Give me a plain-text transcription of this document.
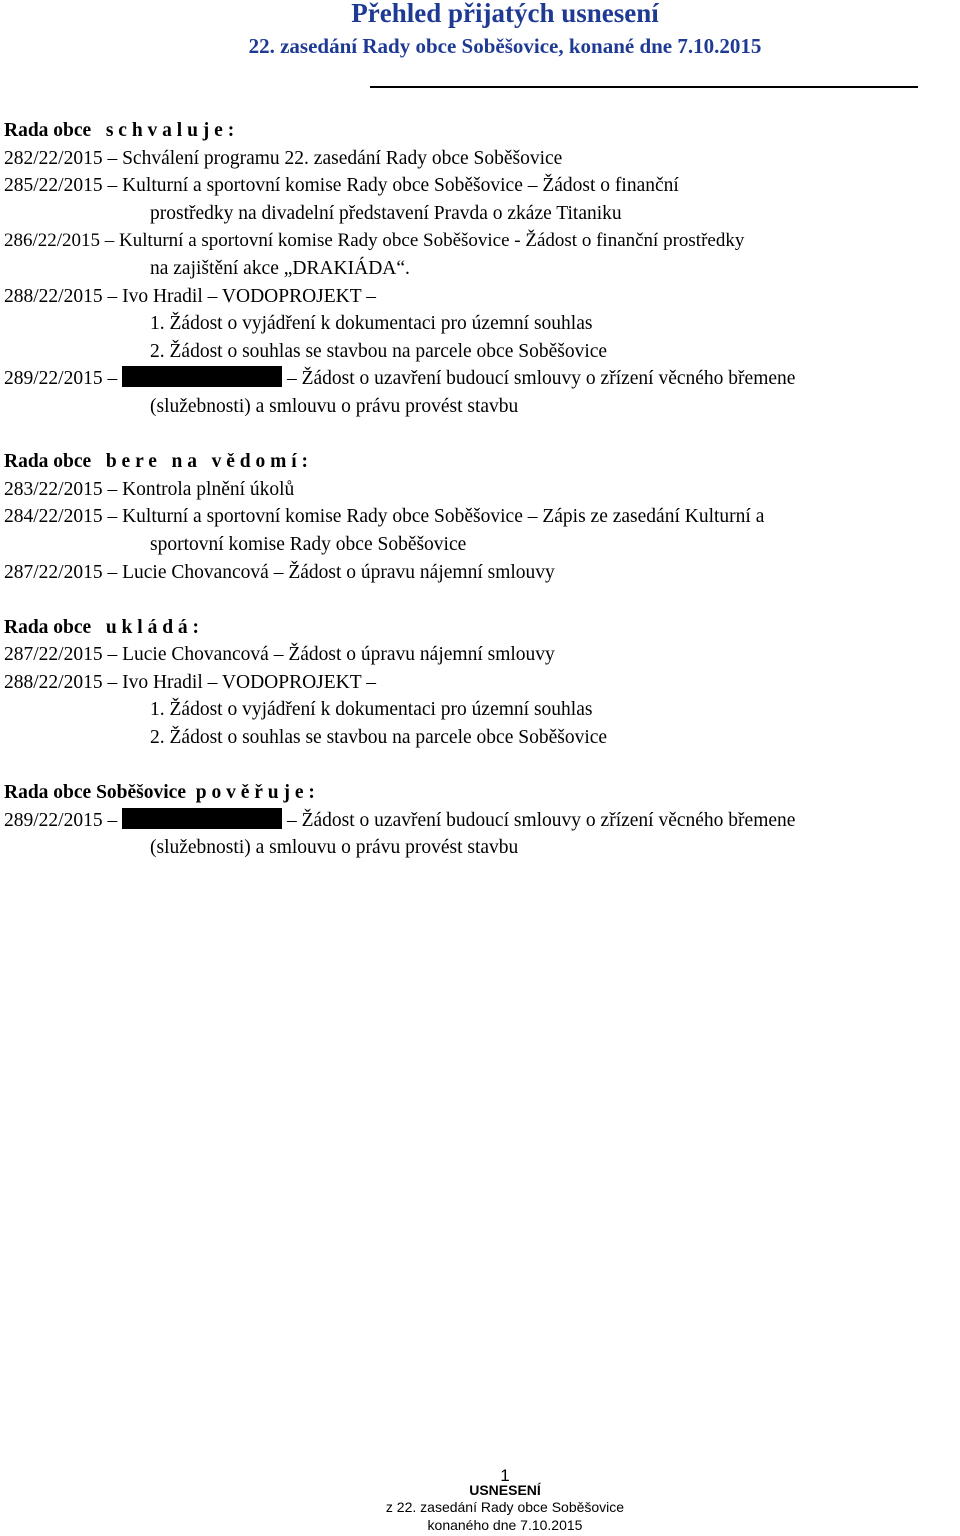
Přehled přijatých usnesení
22. zasedání Rady obce Soběšovice, konané dne 7.10.2015
Rada obce   s c h v a l u j e :
282/22/2015 – Schválení programu 22. zasedání Rady obce Soběšovice
285/22/2015 – Kulturní a sportovní komise Rady obce Soběšovice – Žádost o finanční
prostředky na divadelní představení Pravda o zkáze Titaniku
286/22/2015 – Kulturní a sportovní komise Rady obce Soběšovice - Žádost o finanční prostředky
na zajištění akce „DRAKIÁDA“.
288/22/2015 – Ivo Hradil – VODOPROJEKT –
1. Žádost o vyjádření k dokumentaci pro územní souhlas
2. Žádost o souhlas se stavbou na parcele obce Soběšovice
289/22/2015 –	– Žádost o uzavření budoucí smlouvy o zřízení věcného břemene
(služebnosti) a smlouvu o právu provést stavbu
Rada obce   b e r e   n a   v ě d o m í :
283/22/2015 – Kontrola plnění úkolů
284/22/2015 – Kulturní a sportovní komise Rady obce Soběšovice – Zápis ze zasedání Kulturní a
sportovní komise Rady obce Soběšovice
287/22/2015 – Lucie Chovancová – Žádost o úpravu nájemní smlouvy
Rada obce   u k l á d á :
287/22/2015 – Lucie Chovancová – Žádost o úpravu nájemní smlouvy
288/22/2015 – Ivo Hradil – VODOPROJEKT –
1. Žádost o vyjádření k dokumentaci pro územní souhlas
2. Žádost o souhlas se stavbou na parcele obce Soběšovice
Rada obce Soběšovice  p o v ě ř u j e :
289/22/2015 –	– Žádost o uzavření budoucí smlouvy o zřízení věcného břemene
(služebnosti) a smlouvu o právu provést stavbu
1
USNESENÍ
z 22. zasedání Rady obce Soběšovice
konaného dne 7.10.2015
